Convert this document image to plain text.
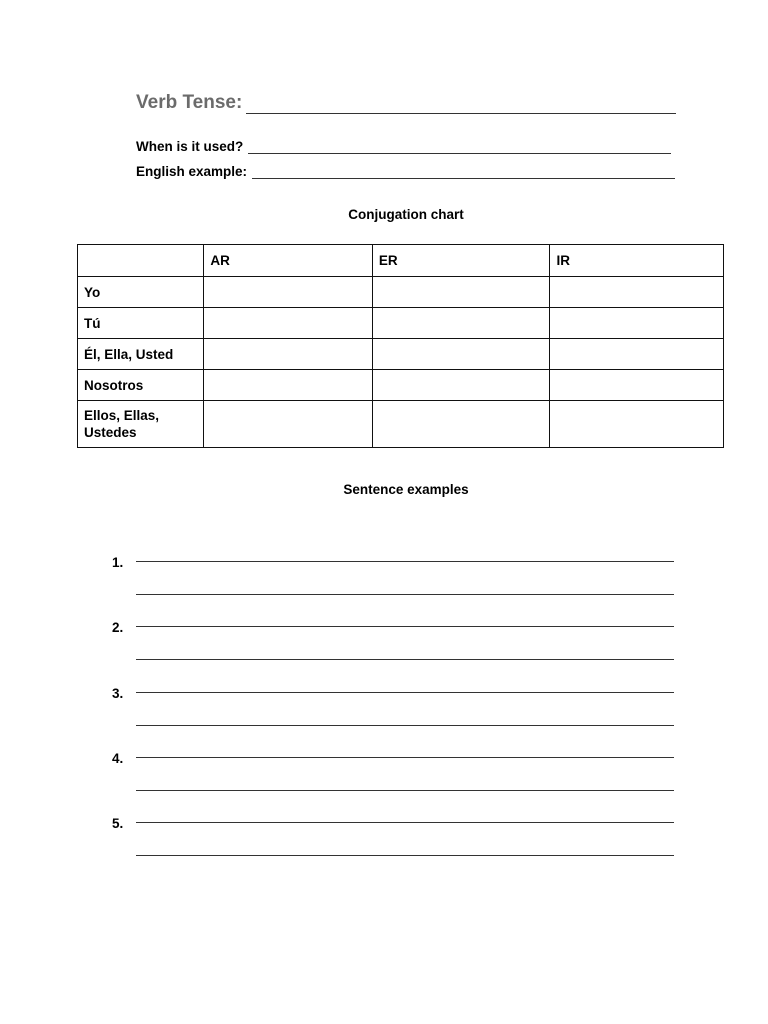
Verb Tense:
When is it used?
English example:
Conjugation chart
	AR	ER	IR
Yo			
Tú			
Él, Ella, Usted			
Nosotros			
Ellos, Ellas, Ustedes			
Sentence examples
1.
2.
3.
4.
5.
